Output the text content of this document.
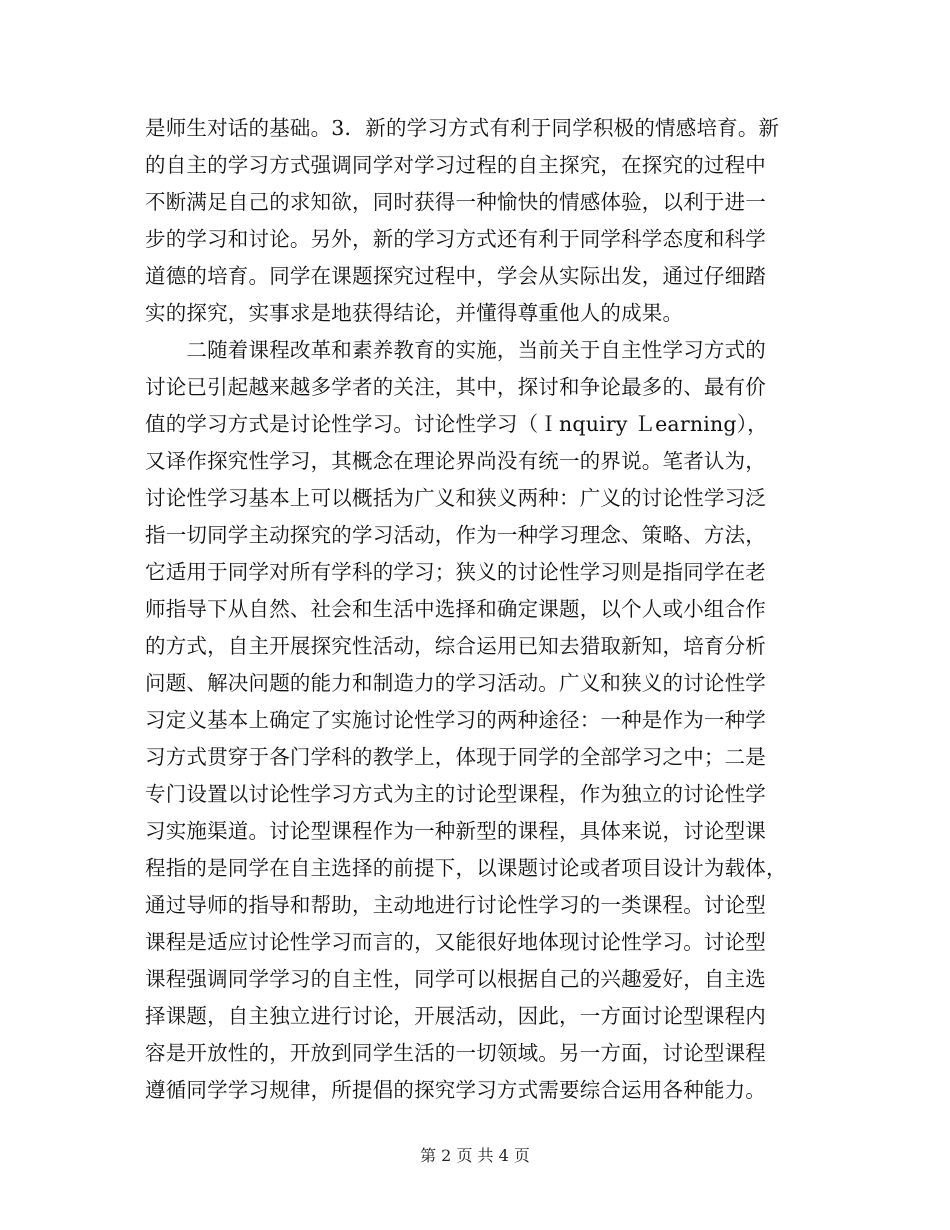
是师生对话的基础。3．新的学习方式有利于同学积极的情感培育。新
的自主的学习方式强调同学对学习过程的自主探究，在探究的过程中
不断满足自己的求知欲，同时获得一种愉快的情感体验，以利于进一
步的学习和讨论。另外，新的学习方式还有利于同学科学态度和科学
道德的培育。同学在课题探究过程中，学会从实际出发，通过仔细踏
实的探究，实事求是地获得结论，并懂得尊重他人的成果。
　　二随着课程改革和素养教育的实施，当前关于自主性学习方式的
讨论已引起越来越多学者的关注，其中，探讨和争论最多的、最有价
值的学习方式是讨论性学习。讨论性学习（Ｉnquiry Ｌearning），
又译作探究性学习，其概念在理论界尚没有统一的界说。笔者认为，
讨论性学习基本上可以概括为广义和狭义两种：广义的讨论性学习泛
指一切同学主动探究的学习活动，作为一种学习理念、策略、方法，
它适用于同学对所有学科的学习；狭义的讨论性学习则是指同学在老
师指导下从自然、社会和生活中选择和确定课题，以个人或小组合作
的方式，自主开展探究性活动，综合运用已知去猎取新知，培育分析
问题、解决问题的能力和制造力的学习活动。广义和狭义的讨论性学
习定义基本上确定了实施讨论性学习的两种途径：一种是作为一种学
习方式贯穿于各门学科的教学上，体现于同学的全部学习之中；二是
专门设置以讨论性学习方式为主的讨论型课程，作为独立的讨论性学
习实施渠道。讨论型课程作为一种新型的课程，具体来说，讨论型课
程指的是同学在自主选择的前提下，以课题讨论或者项目设计为载体，
通过导师的指导和帮助，主动地进行讨论性学习的一类课程。讨论型
课程是适应讨论性学习而言的，又能很好地体现讨论性学习。讨论型
课程强调同学学习的自主性，同学可以根据自己的兴趣爱好，自主选
择课题，自主独立进行讨论，开展活动，因此，一方面讨论型课程内
容是开放性的，开放到同学生活的一切领域。另一方面，讨论型课程
遵循同学学习规律，所提倡的探究学习方式需要综合运用各种能力。
第 2 页 共 4 页
